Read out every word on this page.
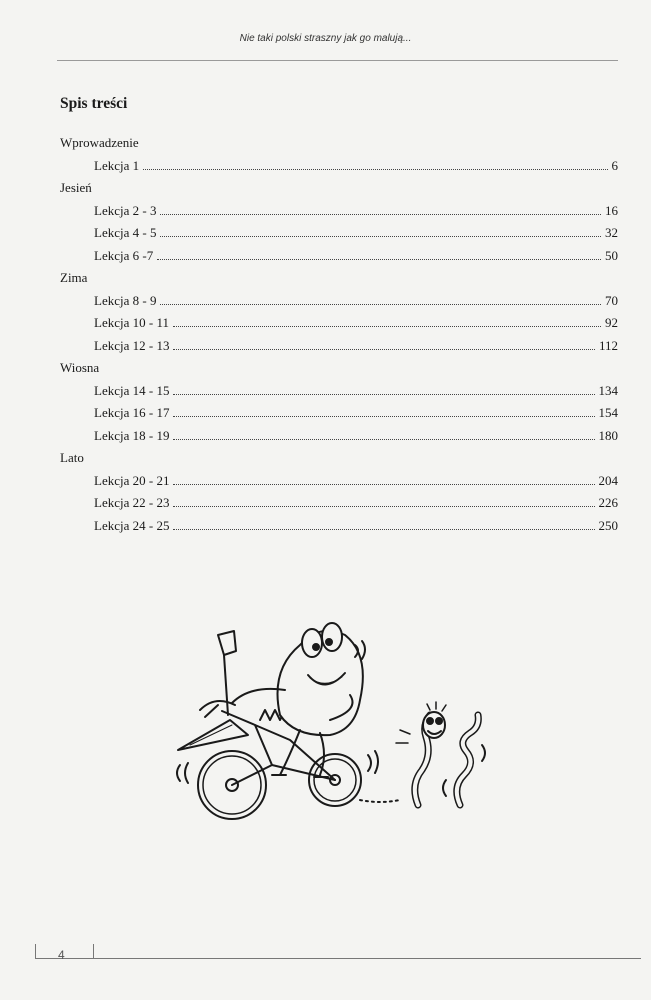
Nie taki polski straszny jak go malują...
Spis treści
Wprowadzenie
Lekcja 1	6
Jesień
Lekcja 2 - 3	16
Lekcja 4 - 5	32
Lekcja 6 -7	50
Zima
Lekcja 8 - 9	70
Lekcja 10 - 11	92
Lekcja 12 - 13	112
Wiosna
Lekcja 14 - 15	134
Lekcja 16 - 17	154
Lekcja 18 - 19	180
Lato
Lekcja 20 - 21	204
Lekcja 22 - 23	226
Lekcja 24 - 25	250
4
